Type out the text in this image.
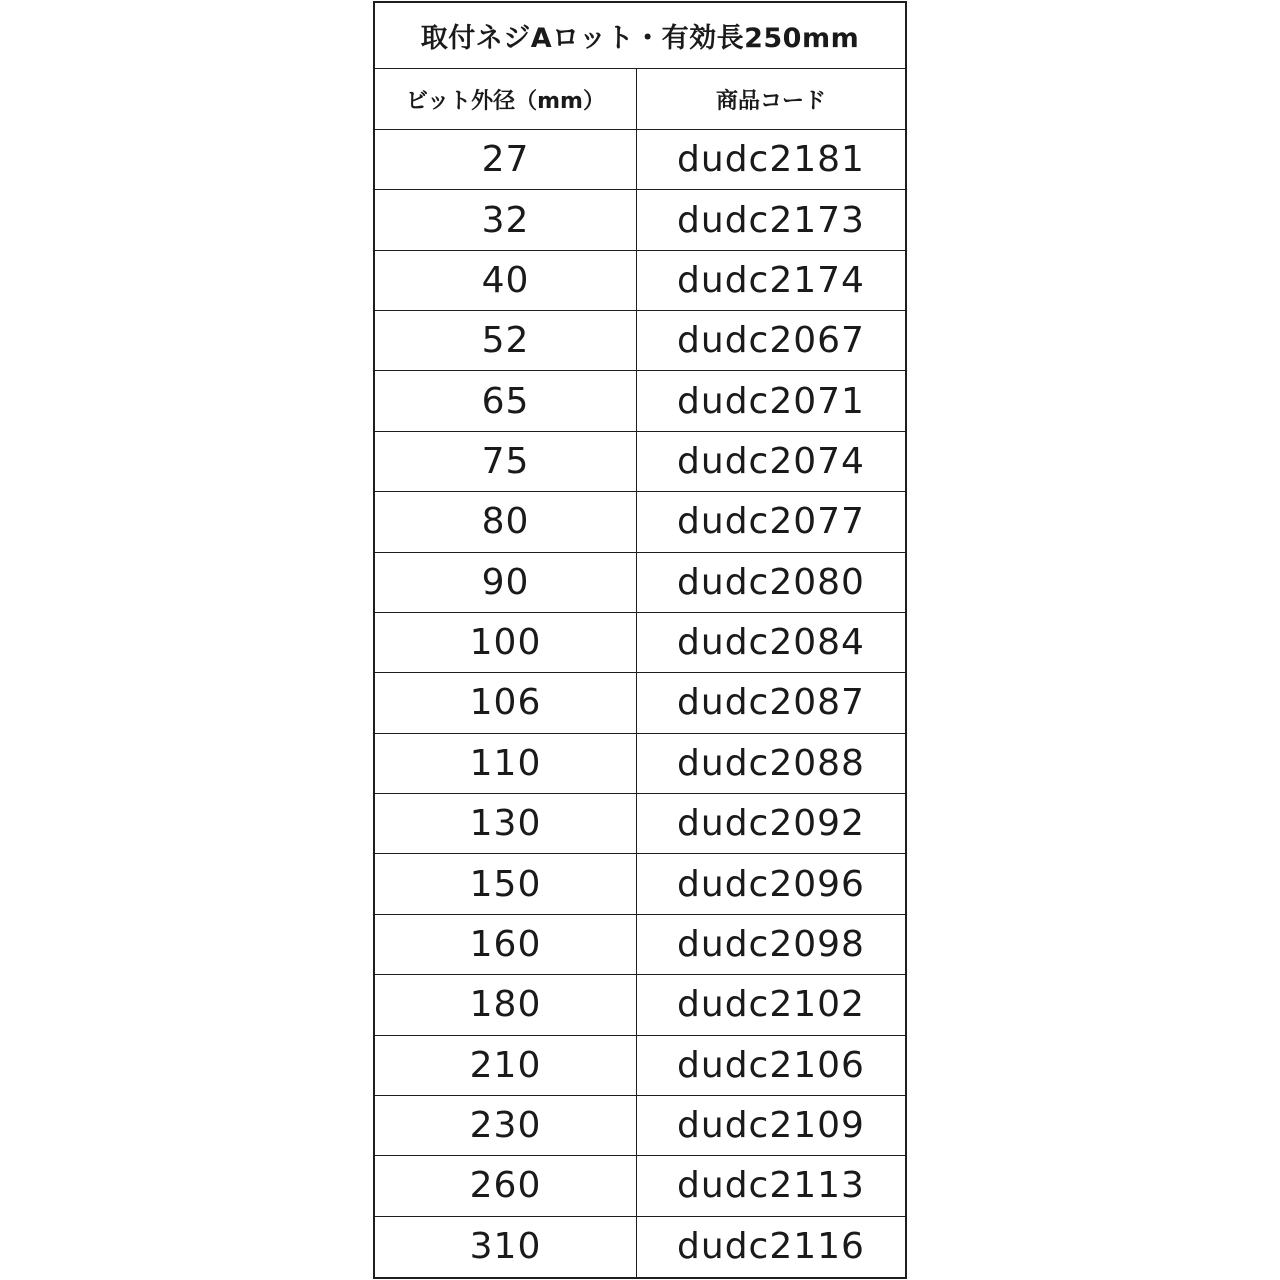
取付ネジAロット・有効長250mm
ビット外径（mm）	商品コード
27	dudc2181
32	dudc2173
40	dudc2174
52	dudc2067
65	dudc2071
75	dudc2074
80	dudc2077
90	dudc2080
100	dudc2084
106	dudc2087
110	dudc2088
130	dudc2092
150	dudc2096
160	dudc2098
180	dudc2102
210	dudc2106
230	dudc2109
260	dudc2113
310	dudc2116
